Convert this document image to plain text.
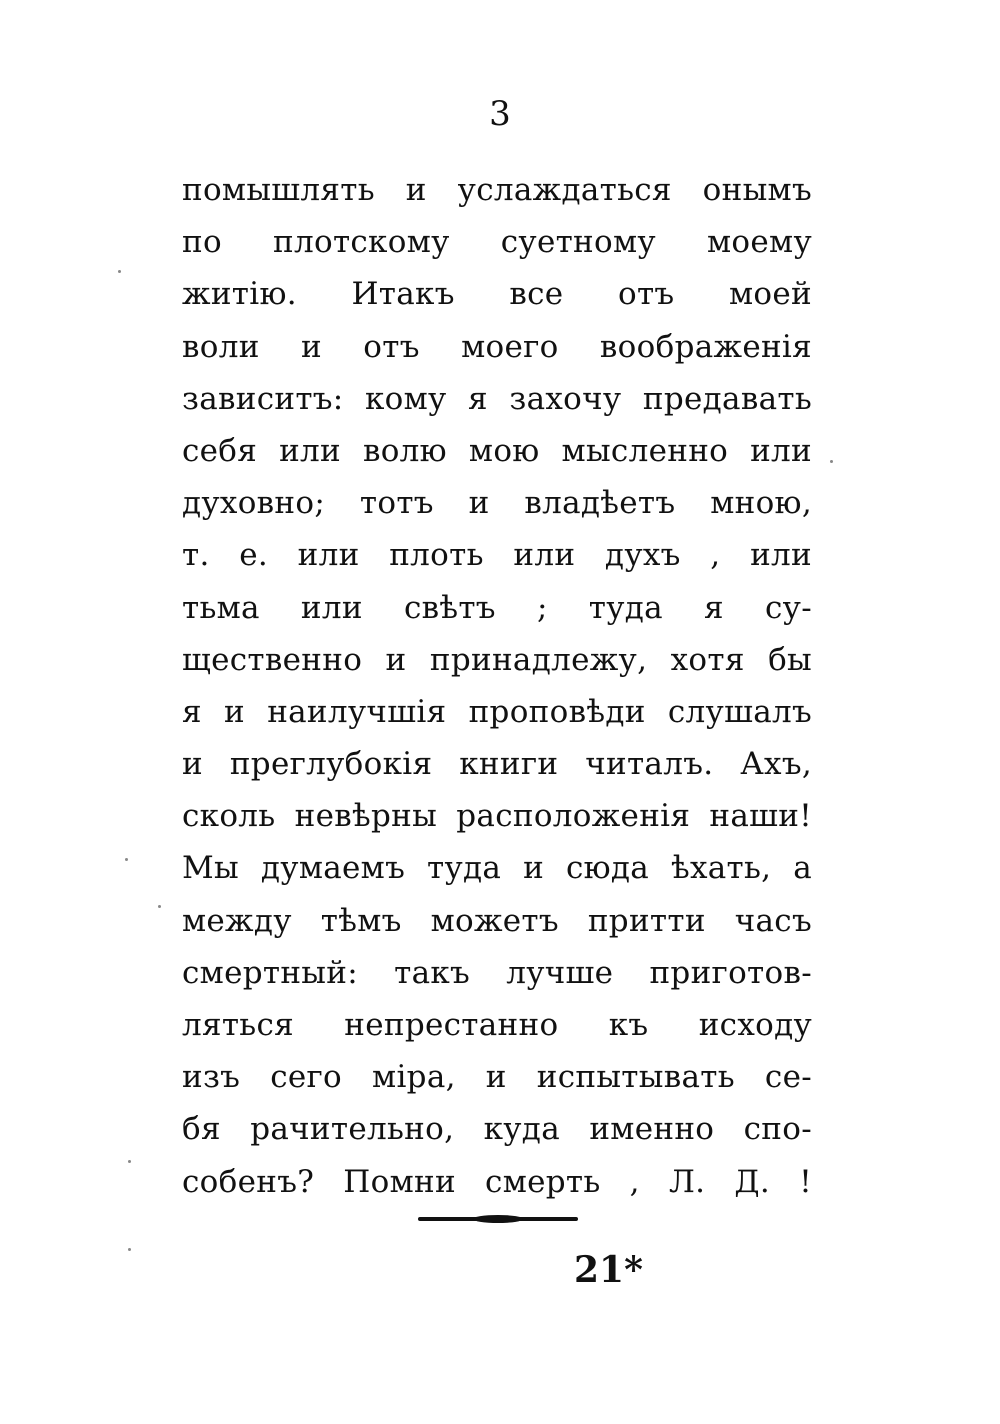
3
помышлять и услаждаться онымъ
по плотскому суетному моему
житію. Итакъ все отъ моей
воли и отъ моего воображенія
зависитъ: кому я захочу предавать
себя или волю мою мысленно или
духовно; тотъ и владѣетъ мною,
т. е. или плоть или духъ , или
тьма или свѣтъ ; туда я су-
щественно и принадлежу, хотя бы
я и наилучшія проповѣди слушалъ
и преглубокія книги читалъ. Ахъ,
сколь невѣрны расположенія наши!
Мы думаемъ туда и сюда ѣхать, а
между тѣмъ можетъ притти часъ
смертный: такъ лучше приготов-
ляться непрестанно къ исходу
изъ сего міра, и испытывать се-
бя рачительно, куда именно спо-
собенъ? Помни смерть , Л. Д. !
21*
